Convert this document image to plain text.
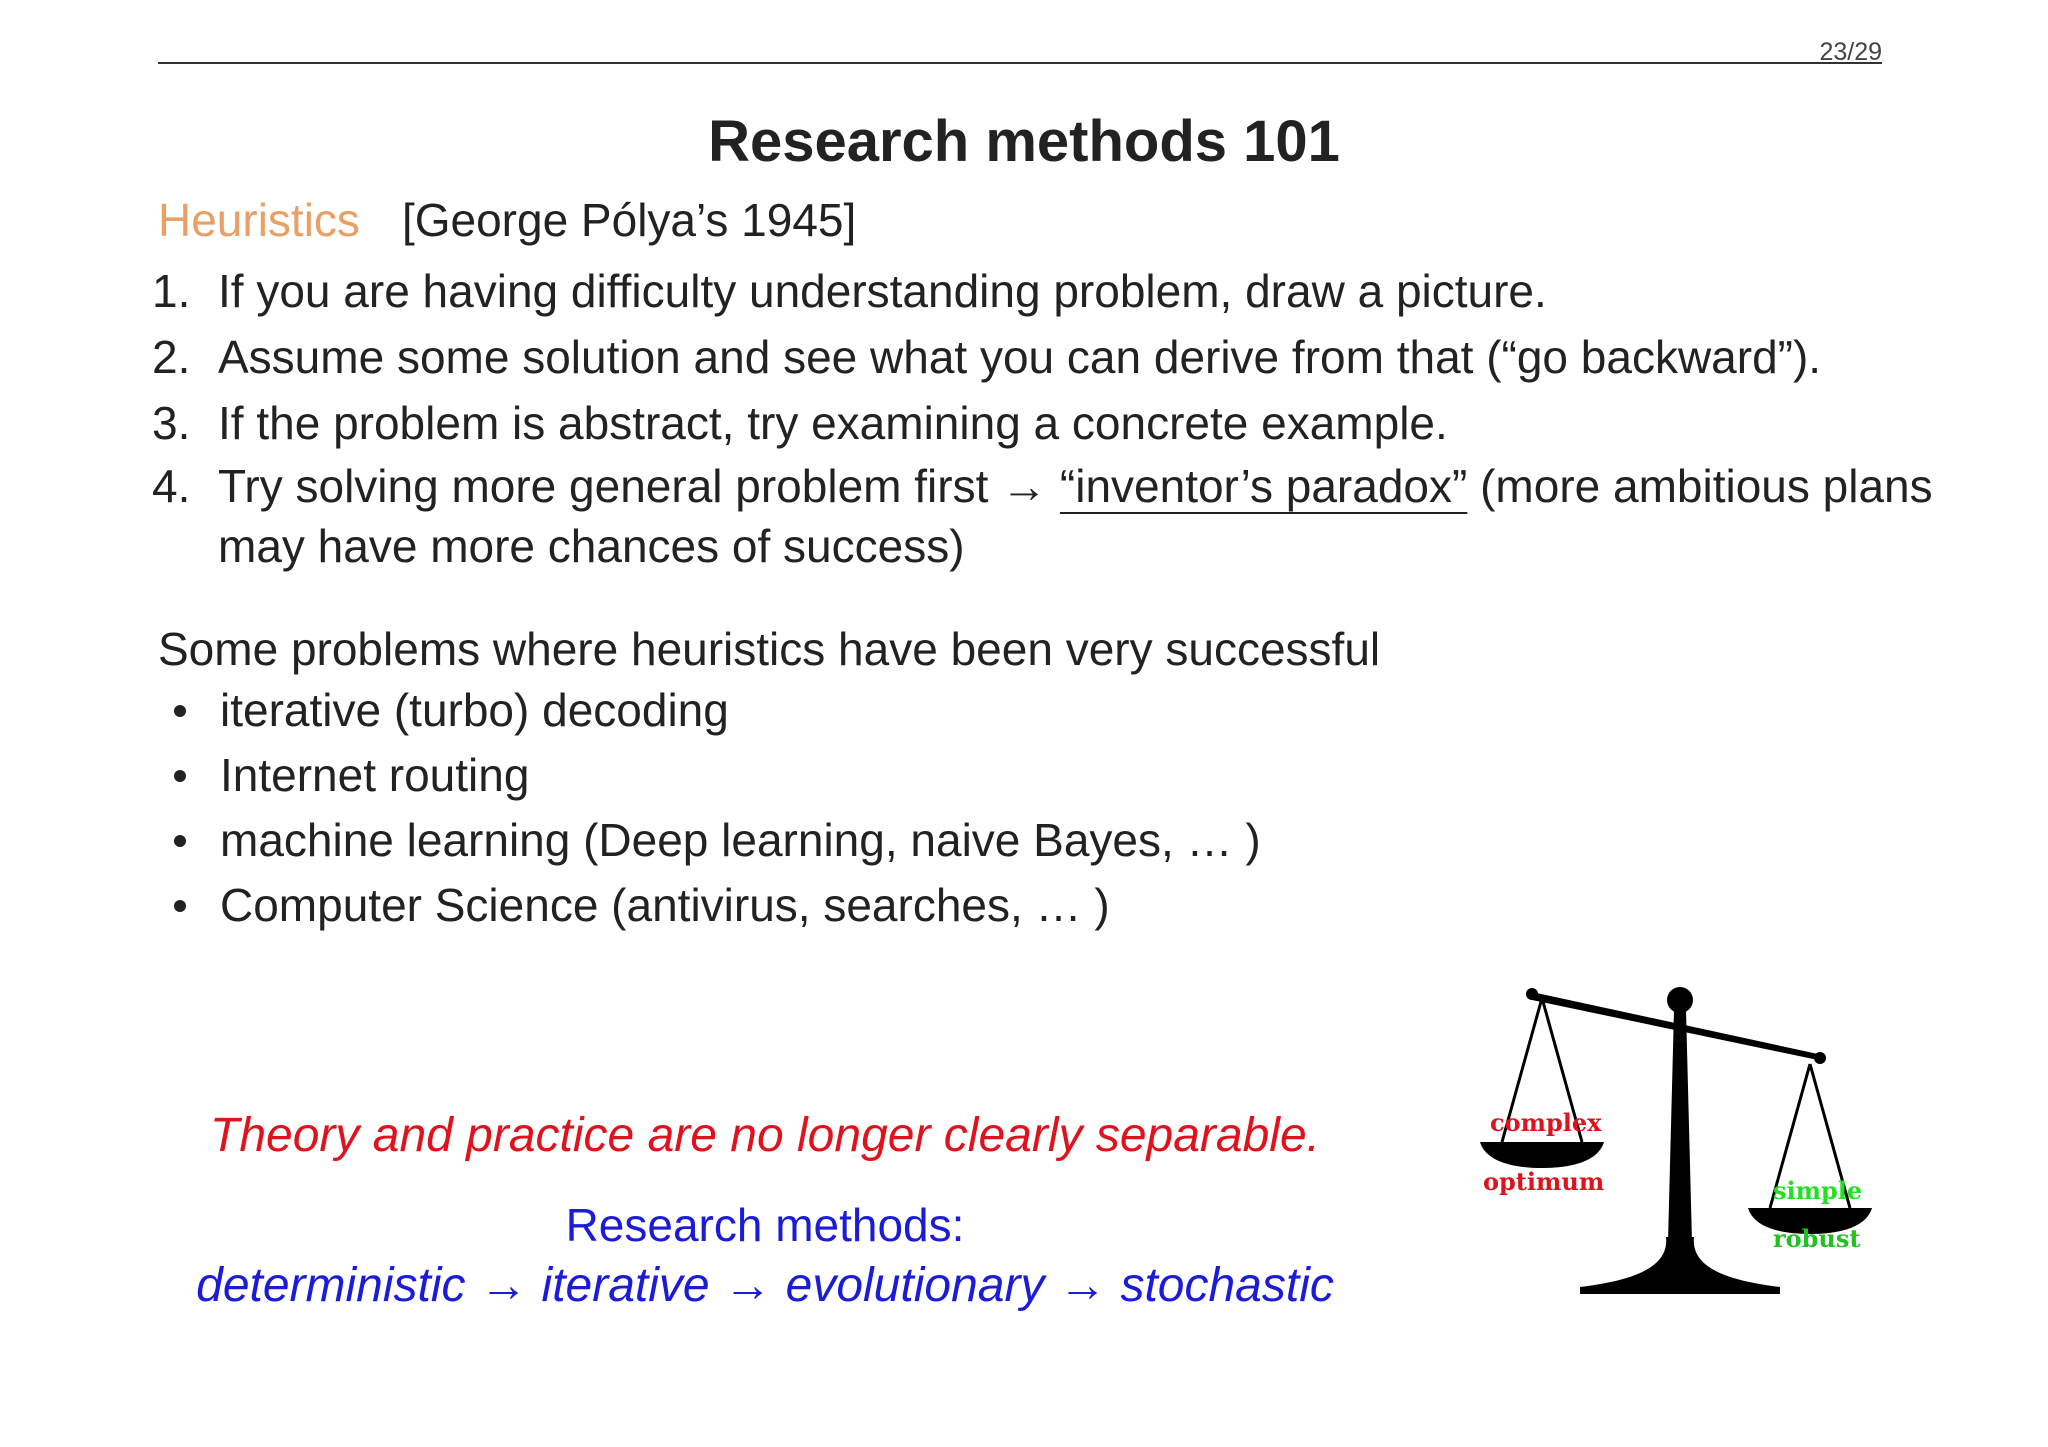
23/29
Research methods 101
Heuristics [George Pólya’s 1945]
1. If you are having difficulty understanding problem, draw a picture.
2. Assume some solution and see what you can derive from that (“go backward”).
3. If the problem is abstract, try examining a concrete example.
4. Try solving more general problem first → “inventor’s paradox” (more ambitious plans may have more chances of success)
Some problems where heuristics have been very successful
iterative (turbo) decoding
Internet routing
machine learning (Deep learning, naive Bayes, … )
Computer Science (antivirus, searches, … )
Theory and practice are no longer clearly separable.
Research methods:
deterministic → iterative → evolutionary → stochastic
complex
optimum	simple
robust
